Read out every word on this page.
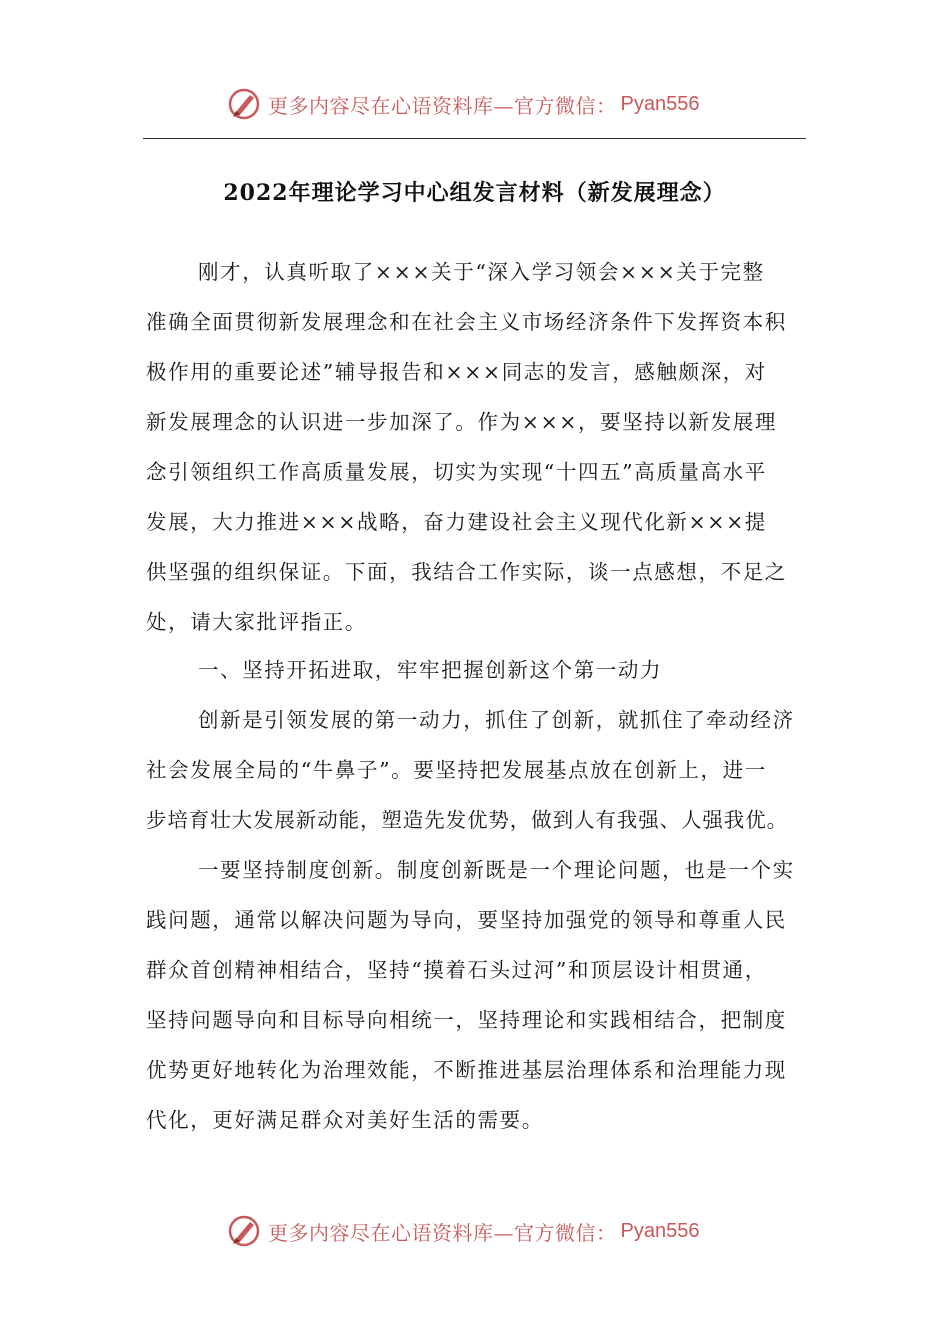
更多内容尽在心语资料库—官方微信： Pyan556
2022年理论学习中心组发言材料（新发展理念）
刚才，认真听取了×××关于“深入学习领会×××关于完整
准确全面贯彻新发展理念和在社会主义市场经济条件下发挥资本积
极作用的重要论述”辅导报告和×××同志的发言，感触颇深，对
新发展理念的认识进一步加深了。作为×××，要坚持以新发展理
念引领组织工作高质量发展，切实为实现“十四五”高质量高水平
发展，大力推进×××战略，奋力建设社会主义现代化新×××提
供坚强的组织保证。下面，我结合工作实际，谈一点感想，不足之
处，请大家批评指正。
一、坚持开拓进取，牢牢把握创新这个第一动力
创新是引领发展的第一动力，抓住了创新，就抓住了牵动经济
社会发展全局的“牛鼻子”。要坚持把发展基点放在创新上，进一
步培育壮大发展新动能，塑造先发优势，做到人有我强、人强我优。
一要坚持制度创新。制度创新既是一个理论问题，也是一个实
践问题，通常以解决问题为导向，要坚持加强党的领导和尊重人民
群众首创精神相结合，坚持“摸着石头过河”和顶层设计相贯通，
坚持问题导向和目标导向相统一，坚持理论和实践相结合，把制度
优势更好地转化为治理效能，不断推进基层治理体系和治理能力现
代化，更好满足群众对美好生活的需要。
更多内容尽在心语资料库—官方微信： Pyan556
